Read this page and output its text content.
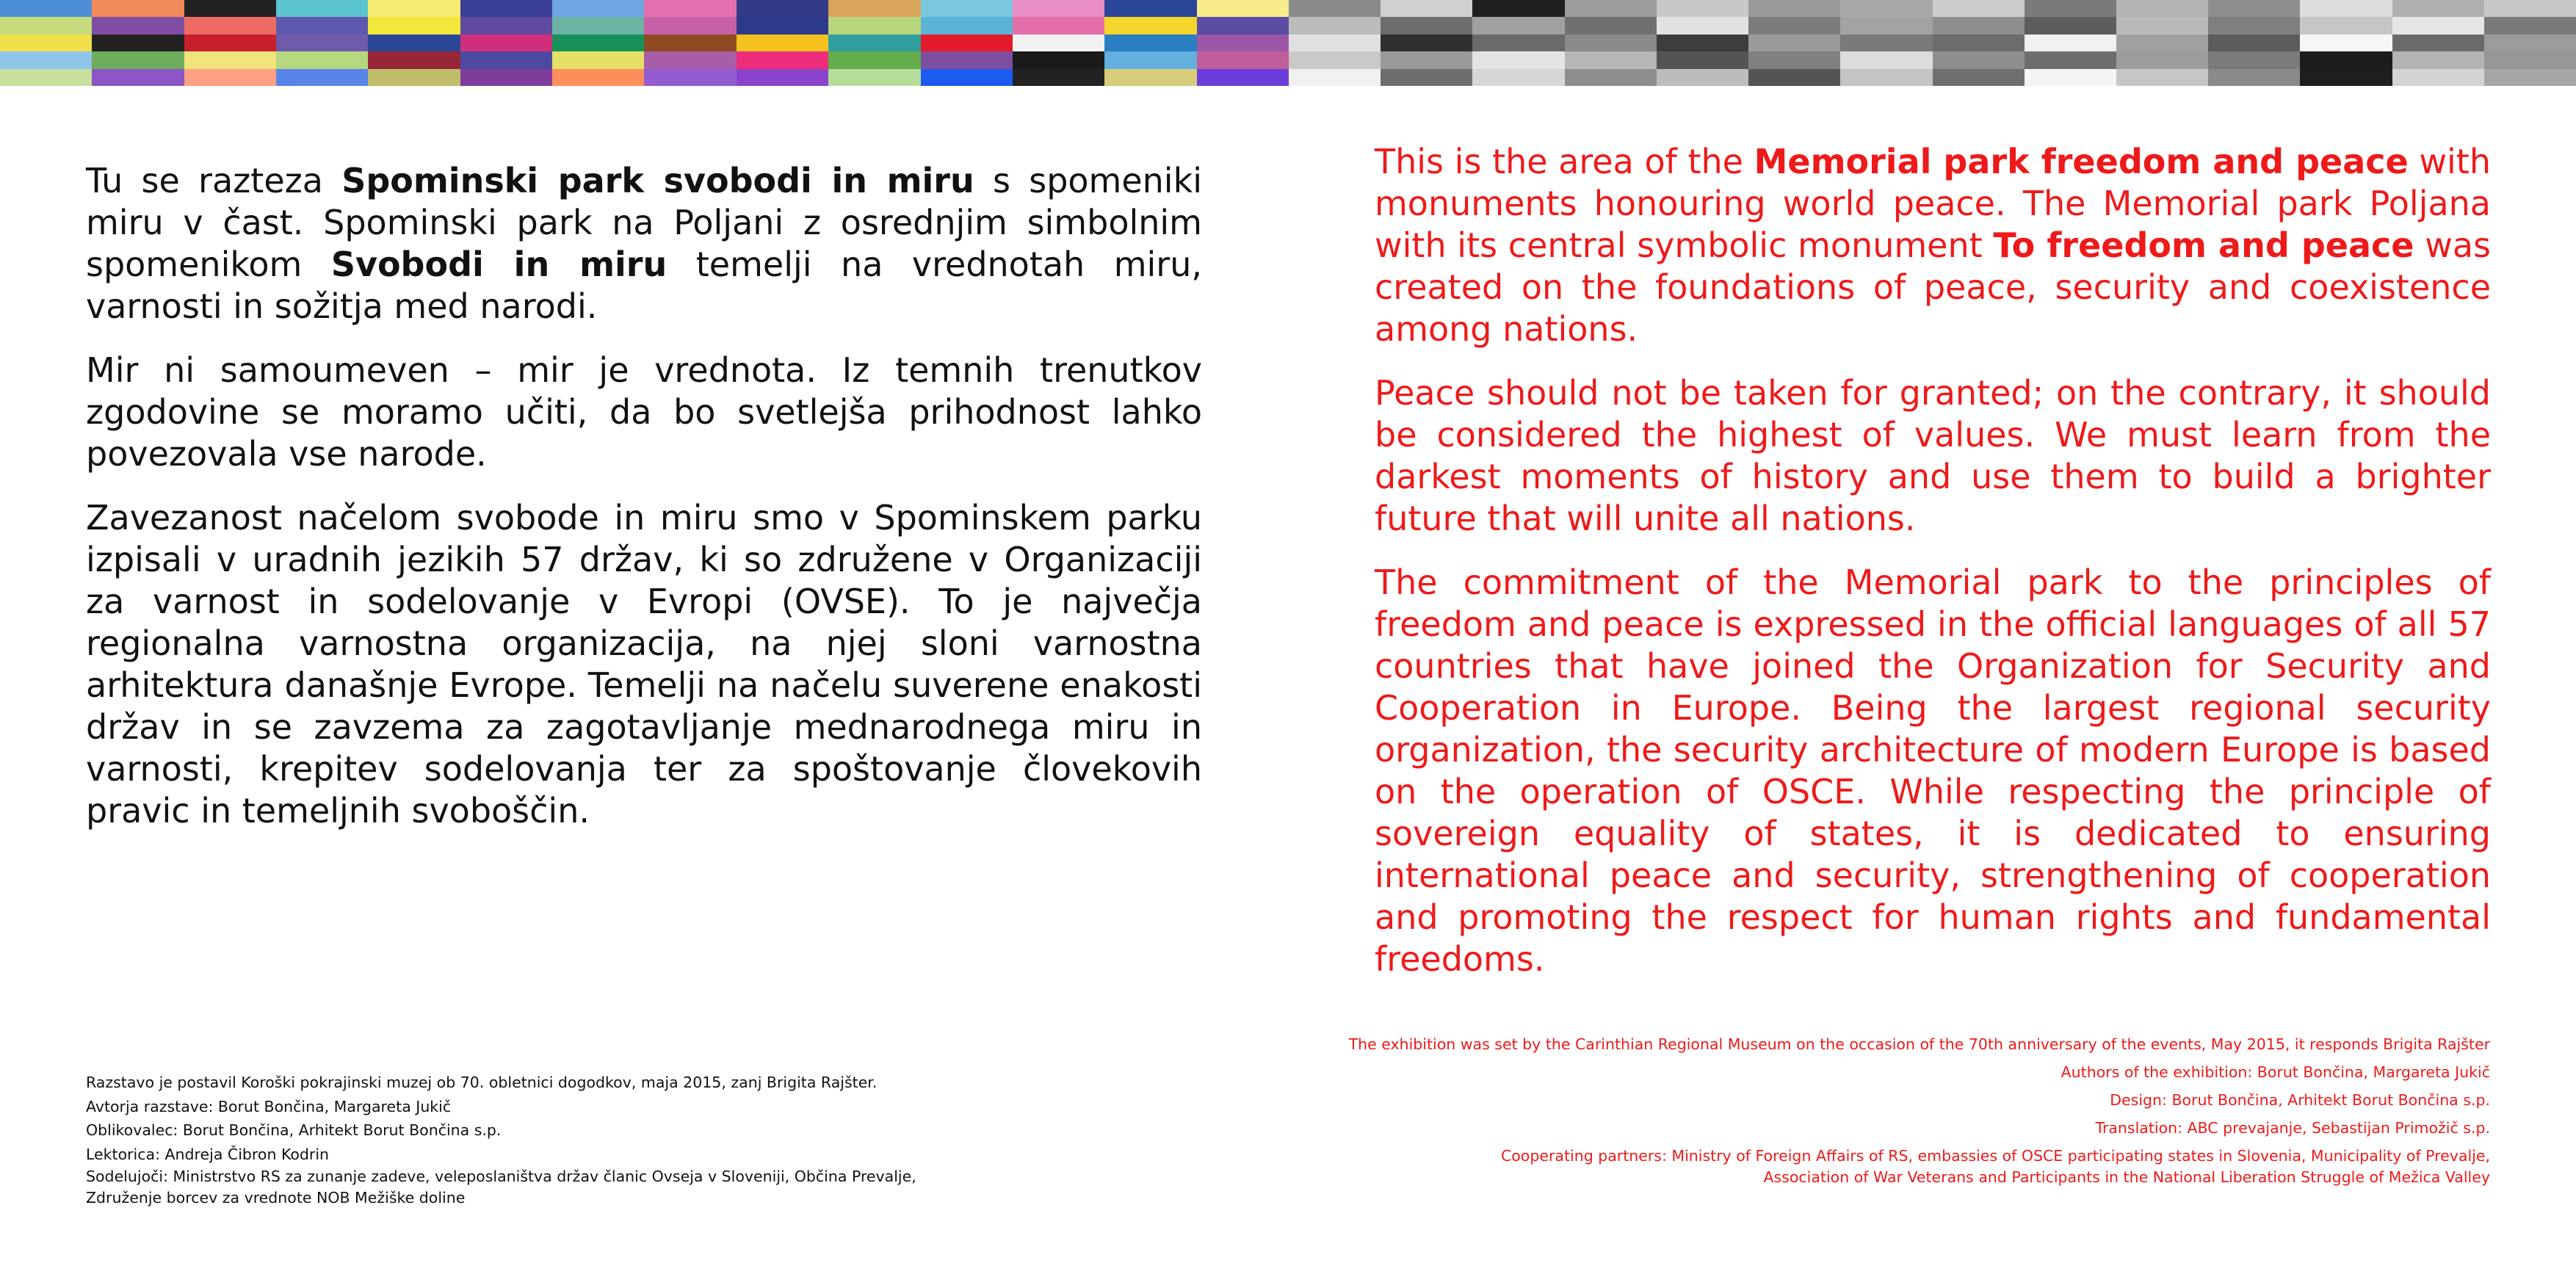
Tu se razteza Spominski park svobodi in miru s spomeniki miru v čast. Spominski park na Poljani z osrednjim simbolnim spomenikom Svobodi in miru temelji na vrednotah miru, varnosti in sožitja med narodi.

Mir ni samoumeven – mir je vrednota. Iz temnih trenutkov zgodovine se moramo učiti, da bo svetlejša prihodnost lahko povezovala vse narode.

Zavezanost načelom svobode in miru smo v Spominskem parku izpisali v uradnih jezikih 57 držav, ki so združene v Organizaciji za varnost in sodelovanje v Evropi (OVSE). To je največja regionalna varnostna organizacija, na njej sloni varnostna arhitektura današnje Evrope. Temelji na načelu suverene enakosti držav in se zavzema za zagotavljanje mednarodnega miru in varnosti, krepitev sodelovanja ter za spoštovanje človekovih pravic in temeljnih svoboščin.

This is the area of the Memorial park freedom and peace with monuments honouring world peace. The Memorial park Poljana with its central symbolic monument To freedom and peace was created on the foundations of peace, security and coexistence among nations.

Peace should not be taken for granted; on the contrary, it should be considered the highest of values. We must learn from the darkest moments of history and use them to build a brighter future that will unite all nations.

The commitment of the Memorial park to the principles of freedom and peace is expressed in the official languages of all 57 countries that have joined the Organization for Security and Cooperation in Europe. Being the largest regional security organization, the security architecture of modern Europe is based on the operation of OSCE. While respecting the principle of sovereign equality of states, it is dedicated to ensuring international peace and security, strengthening of cooperation and promoting the respect for human rights and fundamental freedoms.

Razstavo je postavil Koroški pokrajinski muzej ob 70. obletnici dogodkov, maja 2015, zanj Brigita Rajšter.
Avtorja razstave: Borut Bončina, Margareta Jukič
Oblikovalec: Borut Bončina, Arhitekt Borut Bončina s.p.
Lektorica: Andreja Čibron Kodrin
Sodelujoči: Ministrstvo RS za zunanje zadeve, veleposlaništva držav članic Ovseja v Sloveniji, Občina Prevalje,
Združenje borcev za vrednote NOB Mežiške doline
The exhibition was set by the Carinthian Regional Museum on the occasion of the 70th anniversary of the events, May 2015, it responds Brigita Rajšter
Authors of the exhibition: Borut Bončina, Margareta Jukič
Design: Borut Bončina, Arhitekt Borut Bončina s.p.
Translation: ABC prevajanje, Sebastijan Primožič s.p.
Cooperating partners: Ministry of Foreign Affairs of RS, embassies of OSCE participating states in Slovenia, Municipality of Prevalje,
Association of War Veterans and Participants in the National Liberation Struggle of Mežica Valley
